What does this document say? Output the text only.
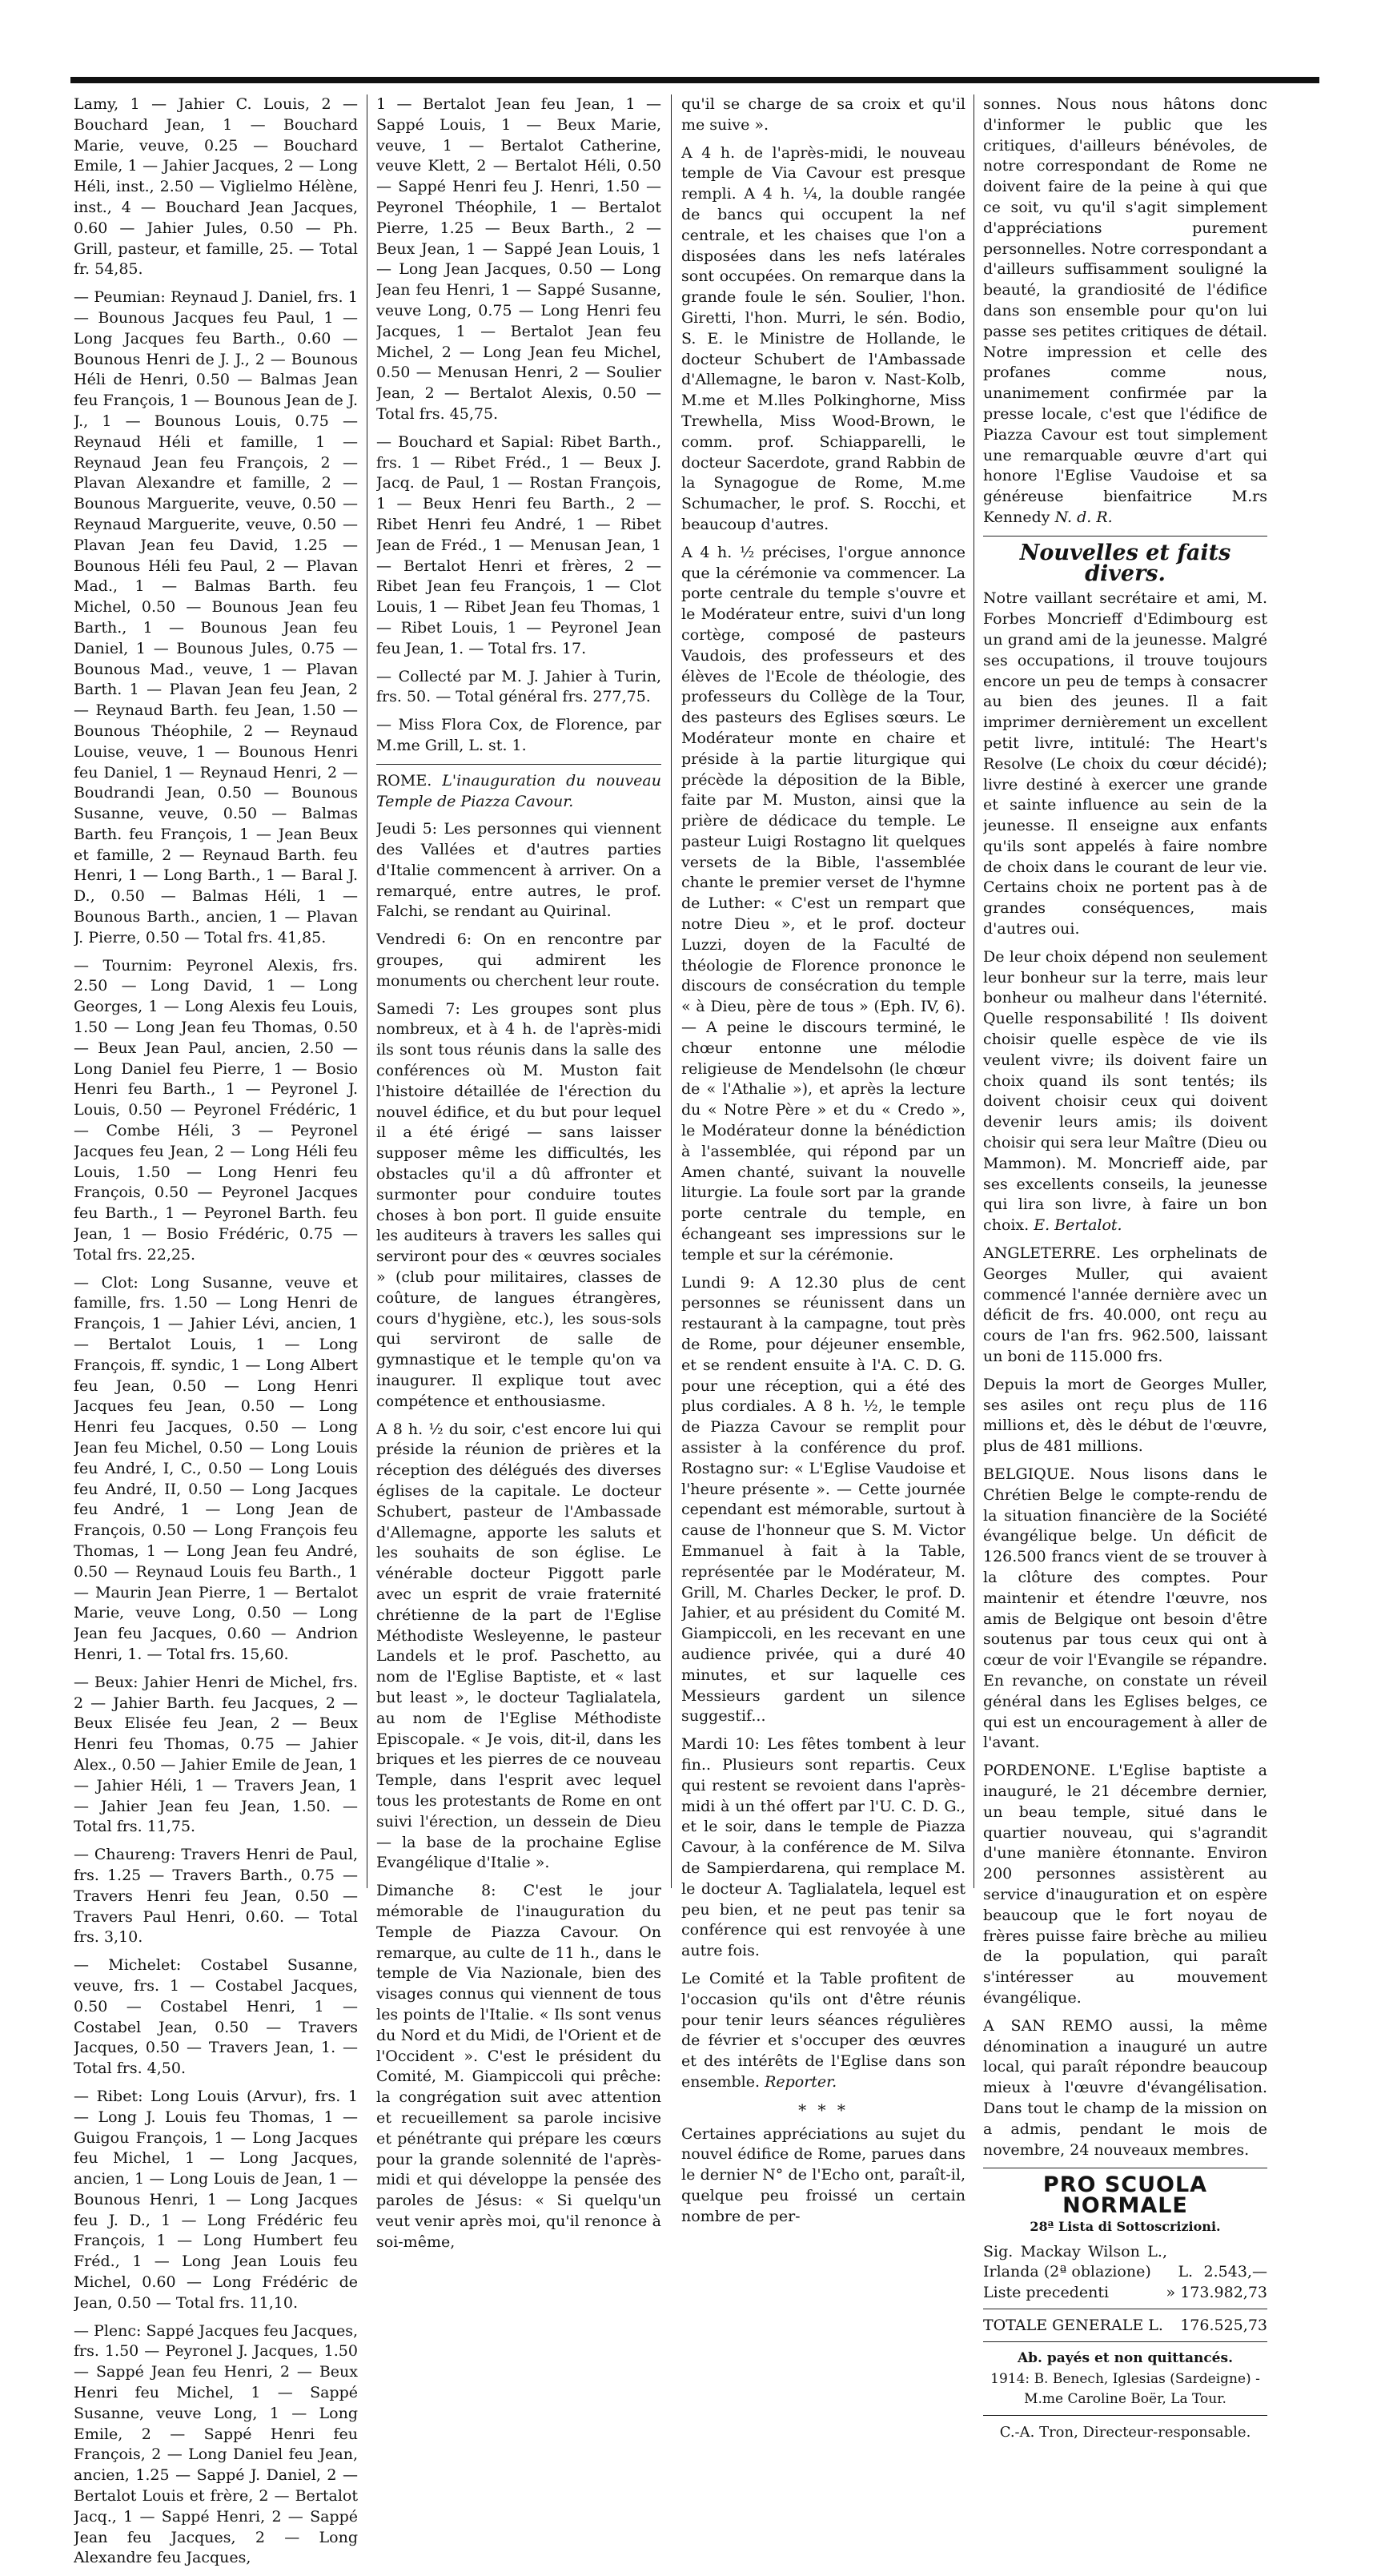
Lamy, 1 — Jahier C. Louis, 2 — Bouchard Jean, 1 — Bouchard Marie, veuve, 0.25 — Bouchard Emile, 1 — Jahier Jacques, 2 — Long Héli, inst., 2.50 — Viglielmo Hélène, inst., 4 — Bouchard Jean Jacques, 0.60 — Jahier Jules, 0.50 — Ph. Grill, pasteur, et famille, 25. — Total fr. 54,85.

— Peumian: Reynaud J. Daniel, frs. 1 — Bounous Jacques feu Paul, 1 — Long Jacques feu Barth., 0.60 — Bounous Henri de J. J., 2 — Bounous Héli de Henri, 0.50 — Balmas Jean feu François, 1 — Bounous Jean de J. J., 1 — Bounous Louis, 0.75 — Reynaud Héli et famille, 1 — Reynaud Jean feu François, 2 — Plavan Alexandre et famille, 2 — Bounous Marguerite, veuve, 0.50 — Reynaud Marguerite, veuve, 0.50 — Plavan Jean feu David, 1.25 — Bounous Héli feu Paul, 2 — Plavan Mad., 1 — Balmas Barth. feu Michel, 0.50 — Bounous Jean feu Barth., 1 — Bounous Jean feu Daniel, 1 — Bounous Jules, 0.75 — Bounous Mad., veuve, 1 — Plavan Barth. 1 — Plavan Jean feu Jean, 2 — Reynaud Barth. feu Jean, 1.50 — Bounous Théophile, 2 — Reynaud Louise, veuve, 1 — Bounous Henri feu Daniel, 1 — Reynaud Henri, 2 — Boudrandi Jean, 0.50 — Bounous Susanne, veuve, 0.50 — Balmas Barth. feu François, 1 — Jean Beux et famille, 2 — Reynaud Barth. feu Henri, 1 — Long Barth., 1 — Baral J. D., 0.50 — Balmas Héli, 1 — Bounous Barth., ancien, 1 — Plavan J. Pierre, 0.50 — Total frs. 41,85.

— Tournim: Peyronel Alexis, frs. 2.50 — Long David, 1 — Long Georges, 1 — Long Alexis feu Louis, 1.50 — Long Jean feu Thomas, 0.50 — Beux Jean Paul, ancien, 2.50 — Long Daniel feu Pierre, 1 — Bosio Henri feu Barth., 1 — Peyronel J. Louis, 0.50 — Peyronel Frédéric, 1 — Combe Héli, 3 — Peyronel Jacques feu Jean, 2 — Long Héli feu Louis, 1.50 — Long Henri feu François, 0.50 — Peyronel Jacques feu Barth., 1 — Peyronel Barth. feu Jean, 1 — Bosio Frédéric, 0.75 — Total frs. 22,25.

— Clot: Long Susanne, veuve et famille, frs. 1.50 — Long Henri de François, 1 — Jahier Lévi, ancien, 1 — Bertalot Louis, 1 — Long François, ff. syndic, 1 — Long Albert feu Jean, 0.50 — Long Henri Jacques feu Jean, 0.50 — Long Henri feu Jacques, 0.50 — Long Jean feu Michel, 0.50 — Long Louis feu André, I, C., 0.50 — Long Louis feu André, II, 0.50 — Long Jacques feu André, 1 — Long Jean de François, 0.50 — Long François feu Thomas, 1 — Long Jean feu André, 0.50 — Reynaud Louis feu Barth., 1 — Maurin Jean Pierre, 1 — Bertalot Marie, veuve Long, 0.50 — Long Jean feu Jacques, 0.60 — Andrion Henri, 1. — Total frs. 15,60.

— Beux: Jahier Henri de Michel, frs. 2 — Jahier Barth. feu Jacques, 2 — Beux Elisée feu Jean, 2 — Beux Henri feu Thomas, 0.75 — Jahier Alex., 0.50 — Jahier Emile de Jean, 1 — Jahier Héli, 1 — Travers Jean, 1 — Jahier Jean feu Jean, 1.50. — Total frs. 11,75.

— Chaureng: Travers Henri de Paul, frs. 1.25 — Travers Barth., 0.75 — Travers Henri feu Jean, 0.50 — Travers Paul Henri, 0.60. — Total frs. 3,10.

— Michelet: Costabel Susanne, veuve, frs. 1 — Costabel Jacques, 0.50 — Costabel Henri, 1 — Costabel Jean, 0.50 — Travers Jacques, 0.50 — Travers Jean, 1. — Total frs. 4,50.

— Ribet: Long Louis (Arvur), frs. 1 — Long J. Louis feu Thomas, 1 — Guigou François, 1 — Long Jacques feu Michel, 1 — Long Jacques, ancien, 1 — Long Louis de Jean, 1 — Bounous Henri, 1 — Long Jacques feu J. D., 1 — Long Frédéric feu François, 1 — Long Humbert feu Fréd., 1 — Long Jean Louis feu Michel, 0.60 — Long Frédéric de Jean, 0.50 — Total frs. 11,10.

— Plenc: Sappé Jacques feu Jacques, frs. 1.50 — Peyronel J. Jacques, 1.50 — Sappé Jean feu Henri, 2 — Beux Henri feu Michel, 1 — Sappé Susanne, veuve Long, 1 — Long Emile, 2 — Sappé Henri feu François, 2 — Long Daniel feu Jean, ancien, 1.25 — Sappé J. Daniel, 2 — Bertalot Louis et frère, 2 — Bertalot Jacq., 1 — Sappé Henri, 2 — Sappé Jean feu Jacques, 2 — Long Alexandre feu Jacques,

1 — Bertalot Jean feu Jean, 1 — Sappé Louis, 1 — Beux Marie, veuve, 1 — Bertalot Catherine, veuve Klett, 2 — Bertalot Héli, 0.50 — Sappé Henri feu J. Henri, 1.50 — Peyronel Théophile, 1 — Bertalot Pierre, 1.25 — Beux Barth., 2 — Beux Jean, 1 — Sappé Jean Louis, 1 — Long Jean Jacques, 0.50 — Long Jean feu Henri, 1 — Sappé Susanne, veuve Long, 0.75 — Long Henri feu Jacques, 1 — Bertalot Jean feu Michel, 2 — Long Jean feu Michel, 0.50 — Menusan Henri, 2 — Soulier Jean, 2 — Bertalot Alexis, 0.50 — Total frs. 45,75.

— Bouchard et Sapial: Ribet Barth., frs. 1 — Ribet Fréd., 1 — Beux J. Jacq. de Paul, 1 — Rostan François, 1 — Beux Henri feu Barth., 2 — Ribet Henri feu André, 1 — Ribet Jean de Fréd., 1 — Menusan Jean, 1 — Bertalot Henri et frères, 2 — Ribet Jean feu François, 1 — Clot Louis, 1 — Ribet Jean feu Thomas, 1 — Ribet Louis, 1 — Peyronel Jean feu Jean, 1. — Total frs. 17.

— Collecté par M. J. Jahier à Turin, frs. 50. — Total général frs. 277,75.

— Miss Flora Cox, de Florence, par M.me Grill, L. st. 1.

ROME. L'inauguration du nouveau Temple de Piazza Cavour.

Jeudi 5: Les personnes qui viennent des Vallées et d'autres parties d'Italie commencent à arriver. On a remarqué, entre autres, le prof. Falchi, se rendant au Quirinal.

Vendredi 6: On en rencontre par groupes, qui admirent les monuments ou cherchent leur route.

Samedi 7: Les groupes sont plus nombreux, et à 4 h. de l'après-midi ils sont tous réunis dans la salle des conférences où M. Muston fait l'histoire détaillée de l'érection du nouvel édifice, et du but pour lequel il a été érigé — sans laisser supposer même les difficultés, les obstacles qu'il a dû affronter et surmonter pour conduire toutes choses à bon port. Il guide ensuite les auditeurs à travers les salles qui serviront pour des « œuvres sociales » (club pour militaires, classes de coûture, de langues étrangères, cours d'hygiène, etc.), les sous-sols qui serviront de salle de gymnastique et le temple qu'on va inaugurer. Il explique tout avec compétence et enthousiasme.

A 8 h. ½ du soir, c'est encore lui qui préside la réunion de prières et la réception des délégués des diverses églises de la capitale. Le docteur Schubert, pasteur de l'Ambassade d'Allemagne, apporte les saluts et les souhaits de son église. Le vénérable docteur Piggott parle avec un esprit de vraie fraternité chrétienne de la part de l'Eglise Méthodiste Wesleyenne, le pasteur Landels et le prof. Paschetto, au nom de l'Eglise Baptiste, et « last but least », le docteur Taglialatela, au nom de l'Eglise Méthodiste Episcopale. « Je vois, dit-il, dans les briques et les pierres de ce nouveau Temple, dans l'esprit avec lequel tous les protestants de Rome en ont suivi l'érection, un dessein de Dieu — la base de la prochaine Eglise Evangélique d'Italie ».

Dimanche 8: C'est le jour mémorable de l'inauguration du Temple de Piazza Cavour. On remarque, au culte de 11 h., dans le temple de Via Nazionale, bien des visages connus qui viennent de tous les points de l'Italie. « Ils sont venus du Nord et du Midi, de l'Orient et de l'Occident ». C'est le président du Comité, M. Giampiccoli qui prêche: la congrégation suit avec attention et recueillement sa parole incisive et pénétrante qui prépare les cœurs pour la grande solennité de l'après-midi et qui développe la pensée des paroles de Jésus: « Si quelqu'un veut venir après moi, qu'il renonce à soi-même,

qu'il se charge de sa croix et qu'il me suive ».

A 4 h. de l'après-midi, le nouveau temple de Via Cavour est presque rempli. A 4 h. ¼, la double rangée de bancs qui occupent la nef centrale, et les chaises que l'on a disposées dans les nefs latérales sont occupées. On remarque dans la grande foule le sén. Soulier, l'hon. Giretti, l'hon. Murri, le sén. Bodio, S. E. le Ministre de Hollande, le docteur Schubert de l'Ambassade d'Allemagne, le baron v. Nast-Kolb, M.me et M.lles Polkinghorne, Miss Trewhella, Miss Wood-Brown, le comm. prof. Schiapparelli, le docteur Sacerdote, grand Rabbin de la Synagogue de Rome, M.me Schumacher, le prof. S. Rocchi, et beaucoup d'autres.

A 4 h. ½ précises, l'orgue annonce que la cérémonie va commencer. La porte centrale du temple s'ouvre et le Modérateur entre, suivi d'un long cortège, composé de pasteurs Vaudois, des professeurs et des élèves de l'Ecole de théologie, des professeurs du Collège de la Tour, des pasteurs des Eglises sœurs. Le Modérateur monte en chaire et préside à la partie liturgique qui précède la déposition de la Bible, faite par M. Muston, ainsi que la prière de dédicace du temple. Le pasteur Luigi Rostagno lit quelques versets de la Bible, l'assemblée chante le premier verset de l'hymne de Luther: « C'est un rempart que notre Dieu », et le prof. docteur Luzzi, doyen de la Faculté de théologie de Florence prononce le discours de consécration du temple « à Dieu, père de tous » (Eph. IV, 6). — A peine le discours terminé, le chœur entonne une mélodie religieuse de Mendelsohn (le chœur de « l'Athalie »), et après la lecture du « Notre Père » et du « Credo », le Modérateur donne la bénédiction à l'assemblée, qui répond par un Amen chanté, suivant la nouvelle liturgie. La foule sort par la grande porte centrale du temple, en échangeant ses impressions sur le temple et sur la cérémonie.

Lundi 9: A 12.30 plus de cent personnes se réunissent dans un restaurant à la campagne, tout près de Rome, pour déjeuner ensemble, et se rendent ensuite à l'A. C. D. G. pour une réception, qui a été des plus cordiales. A 8 h. ½, le temple de Piazza Cavour se remplit pour assister à la conférence du prof. Rostagno sur: « L'Eglise Vaudoise et l'heure présente ». — Cette journée cependant est mémorable, surtout à cause de l'honneur que S. M. Victor Emmanuel à fait à la Table, représentée par le Modérateur, M. Grill, M. Charles Decker, le prof. D. Jahier, et au président du Comité M. Giampiccoli, en les recevant en une audience privée, qui a duré 40 minutes, et sur laquelle ces Messieurs gardent un silence suggestif...

Mardi 10: Les fêtes tombent à leur fin.. Plusieurs sont repartis. Ceux qui restent se revoient dans l'après-midi à un thé offert par l'U. C. D. G., et le soir, dans le temple de Piazza Cavour, à la conférence de M. Silva de Sampierdarena, qui remplace M. le docteur A. Taglialatela, lequel est peu bien, et ne peut pas tenir sa conférence qui est renvoyée à une autre fois.

Le Comité et la Table profitent de l'occasion qu'ils ont d'être réunis pour tenir leurs séances régulières de février et s'occuper des œuvres et des intérêts de l'Eglise dans son ensemble. Reporter.

* * *

Certaines appréciations au sujet du nouvel édifice de Rome, parues dans le dernier N° de l'Echo ont, paraît-il, quelque peu froissé un certain nombre de per-

sonnes. Nous nous hâtons donc d'informer le public que les critiques, d'ailleurs bénévoles, de notre correspondant de Rome ne doivent faire de la peine à qui que ce soit, vu qu'il s'agit simplement d'appréciations purement personnelles. Notre correspondant a d'ailleurs suffisamment souligné la beauté, la grandiosité de l'édifice dans son ensemble pour qu'on lui passe ses petites critiques de détail. Notre impression et celle des profanes comme nous, unanimement confirmée par la presse locale, c'est que l'édifice de Piazza Cavour est tout simplement une remarquable œuvre d'art qui honore l'Eglise Vaudoise et sa généreuse bienfaitrice M.rs Kennedy N. d. R.

Nouvelles et faits divers.

Notre vaillant secrétaire et ami, M. Forbes Moncrieff d'Edimbourg est un grand ami de la jeunesse. Malgré ses occupations, il trouve toujours encore un peu de temps à consacrer au bien des jeunes. Il a fait imprimer dernièrement un excellent petit livre, intitulé: The Heart's Resolve (Le choix du cœur décidé); livre destiné à exercer une grande et sainte influence au sein de la jeunesse. Il enseigne aux enfants qu'ils sont appelés à faire nombre de choix dans le courant de leur vie. Certains choix ne portent pas à de grandes conséquences, mais d'autres oui.

De leur choix dépend non seulement leur bonheur sur la terre, mais leur bonheur ou malheur dans l'éternité. Quelle responsabilité ! Ils doivent choisir quelle espèce de vie ils veulent vivre; ils doivent faire un choix quand ils sont tentés; ils doivent choisir ceux qui doivent devenir leurs amis; ils doivent choisir qui sera leur Maître (Dieu ou Mammon). M. Moncrieff aide, par ses excellents conseils, la jeunesse qui lira son livre, à faire un bon choix. E. Bertalot.

ANGLETERRE. Les orphelinats de Georges Muller, qui avaient commencé l'année dernière avec un déficit de frs. 40.000, ont reçu au cours de l'an frs. 962.500, laissant un boni de 115.000 frs.

Depuis la mort de Georges Muller, ses asiles ont reçu plus de 116 millions et, dès le début de l'œuvre, plus de 481 millions.

BELGIQUE. Nous lisons dans le Chrétien Belge le compte-rendu de la situation financière de la Société évangélique belge. Un déficit de 126.500 francs vient de se trouver à la clôture des comptes. Pour maintenir et étendre l'œuvre, nos amis de Belgique ont besoin d'être soutenus par tous ceux qui ont à cœur de voir l'Evangile se répandre. En revanche, on constate un réveil général dans les Eglises belges, ce qui est un encouragement à aller de l'avant.

PORDENONE. L'Eglise baptiste a inauguré, le 21 décembre dernier, un beau temple, situé dans le quartier nouveau, qui s'agrandit d'une manière étonnante. Environ 200 personnes assistèrent au service d'inauguration et on espère beaucoup que le fort noyau de frères puisse faire brèche au milieu de la population, qui paraît s'intéresser au mouvement évangélique.

A SAN REMO aussi, la même dénomination a inauguré un autre local, qui paraît répondre beaucoup mieux à l'œuvre d'évangélisation. Dans tout le champ de la mission on a admis, pendant le mois de novembre, 24 nouveaux membres.

PRO SCUOLA NORMALE
28ª Lista di Sottoscrizioni.
Sig. Mackay Wilson L., Irlanda (2ª oblazione)	L. 2.543,—
Liste precedenti	» 173.982,73
TOTALE GENERALE L. 176.525,73
Ab. payés et non quittancés.
1914: B. Benech, Iglesias (Sardeigne) - M.me Caroline Boër, La Tour.
C.-A. Tron, Directeur-responsable.
